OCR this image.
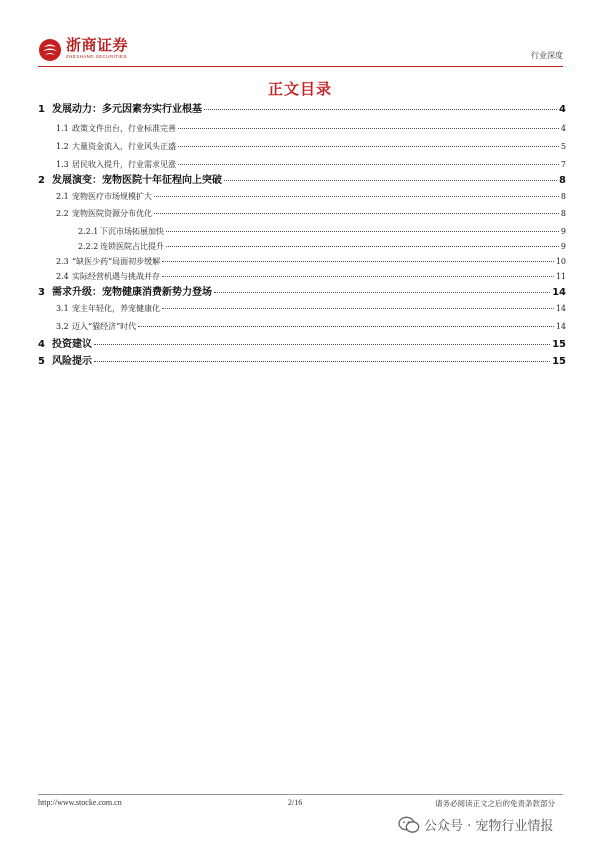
浙商证券
ZHESHANG SECURITIES	行业深度
正文目录
1 发展动力：多元因素夯实行业根基	4
1.1 政策文件出台，行业标准完善	4
1.2 大量资金流入，行业风头正盛	5
1.3 居民收入提升，行业需求见涨	7
2 发展演变：宠物医院十年征程向上突破	8
2.1 宠物医疗市场规模扩大	8
2.2 宠物医院资源分布优化	8
2.2.1 下沉市场拓展加快	9
2.2.2 连锁医院占比提升	9
2.3 “缺医少药”局面初步缓解	10
2.4 实际经营机遇与挑战并存	11
3 需求升级：宠物健康消费新势力登场	14
3.1 宠主年轻化，养宠健康化	14
3.2 迈入“猫经济”时代	14
4 投资建议	15
5 风险提示	15
http://www.stocke.com.cn	2/16	请务必阅读正文之后的免责条款部分
公众号 · 宠物行业情报
